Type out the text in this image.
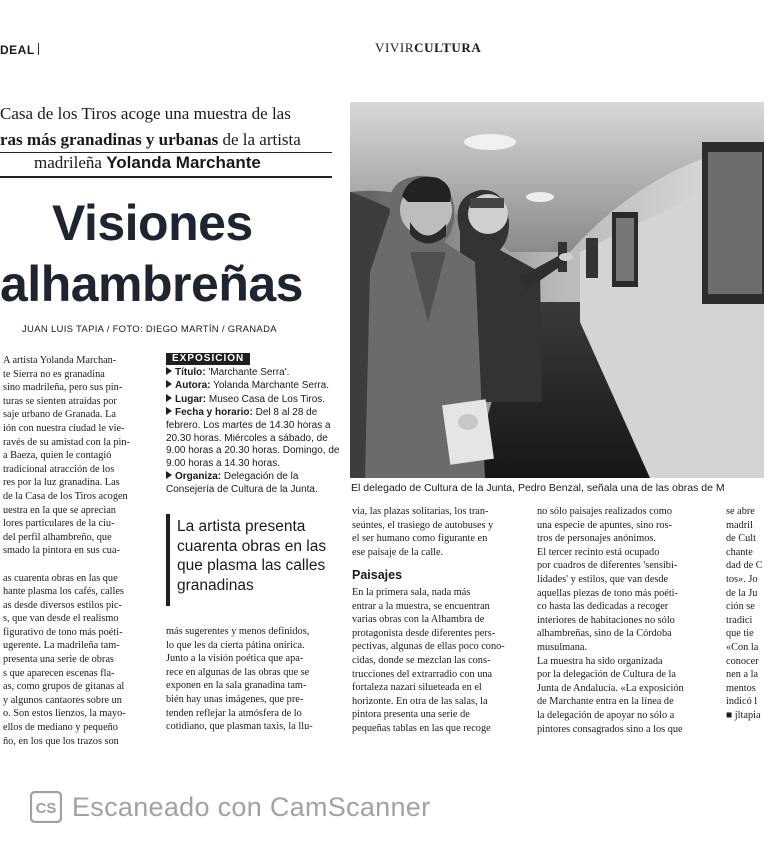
DEAL	VIVIRCULTURA
Casa de los Tiros acoge una muestra de las
ras más granadinas y urbanas de la artista
madrileña Yolanda Marchante
Visiones
alhambreñas
JUAN LUIS TAPIA / FOTO: DIEGO MARTÍN / GRANADA

A artista Yolanda Marchan-

te Sierra no es granadina

sino madrileña, pero sus pin-

turas se sienten atraídas por

saje urbano de Granada. La

ión con nuestra ciudad le vie-

ravés de su amistad con la pin-

a Baeza, quien le contagió

tradicional atracción de los

res por la luz granadina. Las

de la Casa de los Tiros acogen

uestra en la que se aprecian

lores particulares de la ciu-

del perfil alhambreño, que

smado la pintora en sus cua-

as cuarenta obras en las que

hante plasma los cafés, calles

as desde diversos estilos pic-

s, que van desde el realismo

figurativo de tono más poéti-

ugerente. La madrileña tam-

presenta una serie de obras

s que aparecen escenas fla-

as, como grupos de gitanas al

y algunos cantaores sobre un

o. Son estos lienzos, la mayo-

ellos de mediano y pequeño

ño, en los que los trazos son

EXPOSICIÓN
Título: 'Marchante Serra'.
Autora: Yolanda Marchante Serra.
Lugar: Museo Casa de Los Tiros.
Fecha y horario: Del 8 al 28 de febrero. Los martes de 14.30 horas a 20.30 horas. Miércoles a sábado, de 9.00 horas a 20.30 horas. Domingo, de 9.00 horas a 14.30 horas.
Organiza: Delegación de la Consejería de Cultura de la Junta.
La artista presenta cuarenta obras en las que plasma las calles granadinas

más sugerentes y menos definidos,

lo que les da cierta pátina onírica.

Junto a la visión poética que apa-

rece en algunas de las obras que se

exponen en la sala granadina tam-

bién hay unas imágenes, que pre-

tenden reflejar la atmósfera de lo

cotidiano, que plasman taxis, la llu-

El delegado de Cultura de la Junta, Pedro Benzal, señala una de las obras de M

via, las plazas solitarias, los tran-

seúntes, el trasiego de autobuses y

el ser humano como figurante en

ese paisaje de la calle.

Paisajes

En la primera sala, nada más

entrar a la muestra, se encuentran

varias obras con la Alhambra de

protagonista desde diferentes pers-

pectivas, algunas de ellas poco cono-

cidas, donde se mezclan las cons-

trucciones del extrarradio con una

fortaleza nazarí silueteada en el

horizonte. En otra de las salas, la

pintora presenta una serie de

pequeñas tablas en las que recoge

no sólo paisajes realizados como

una especie de apuntes, sino ros-

tros de personajes anónimos.

El tercer recinto está ocupado

por cuadros de diferentes 'sensibi-

lidades' y estilos, que van desde

aquellas piezas de tono más poéti-

co hasta las dedicadas a recoger

interiores de habitaciones no sólo

alhambreñas, sino de la Córdoba

musulmana.

La muestra ha sido organizada

por la delegación de Cultura de la

Junta de Andalucía. «La exposición

de Marchante entra en la línea de

la delegación de apoyar no sólo a

pintores consagrados sino a los que

se abre

madril

de Cult

chante

dad de C

tos». Jo

de la Ju

ción se

tradici

que tie

«Con la

conocer

nen a la

mentos

indicó l

■ jltapia

CS Escaneado con CamScanner
